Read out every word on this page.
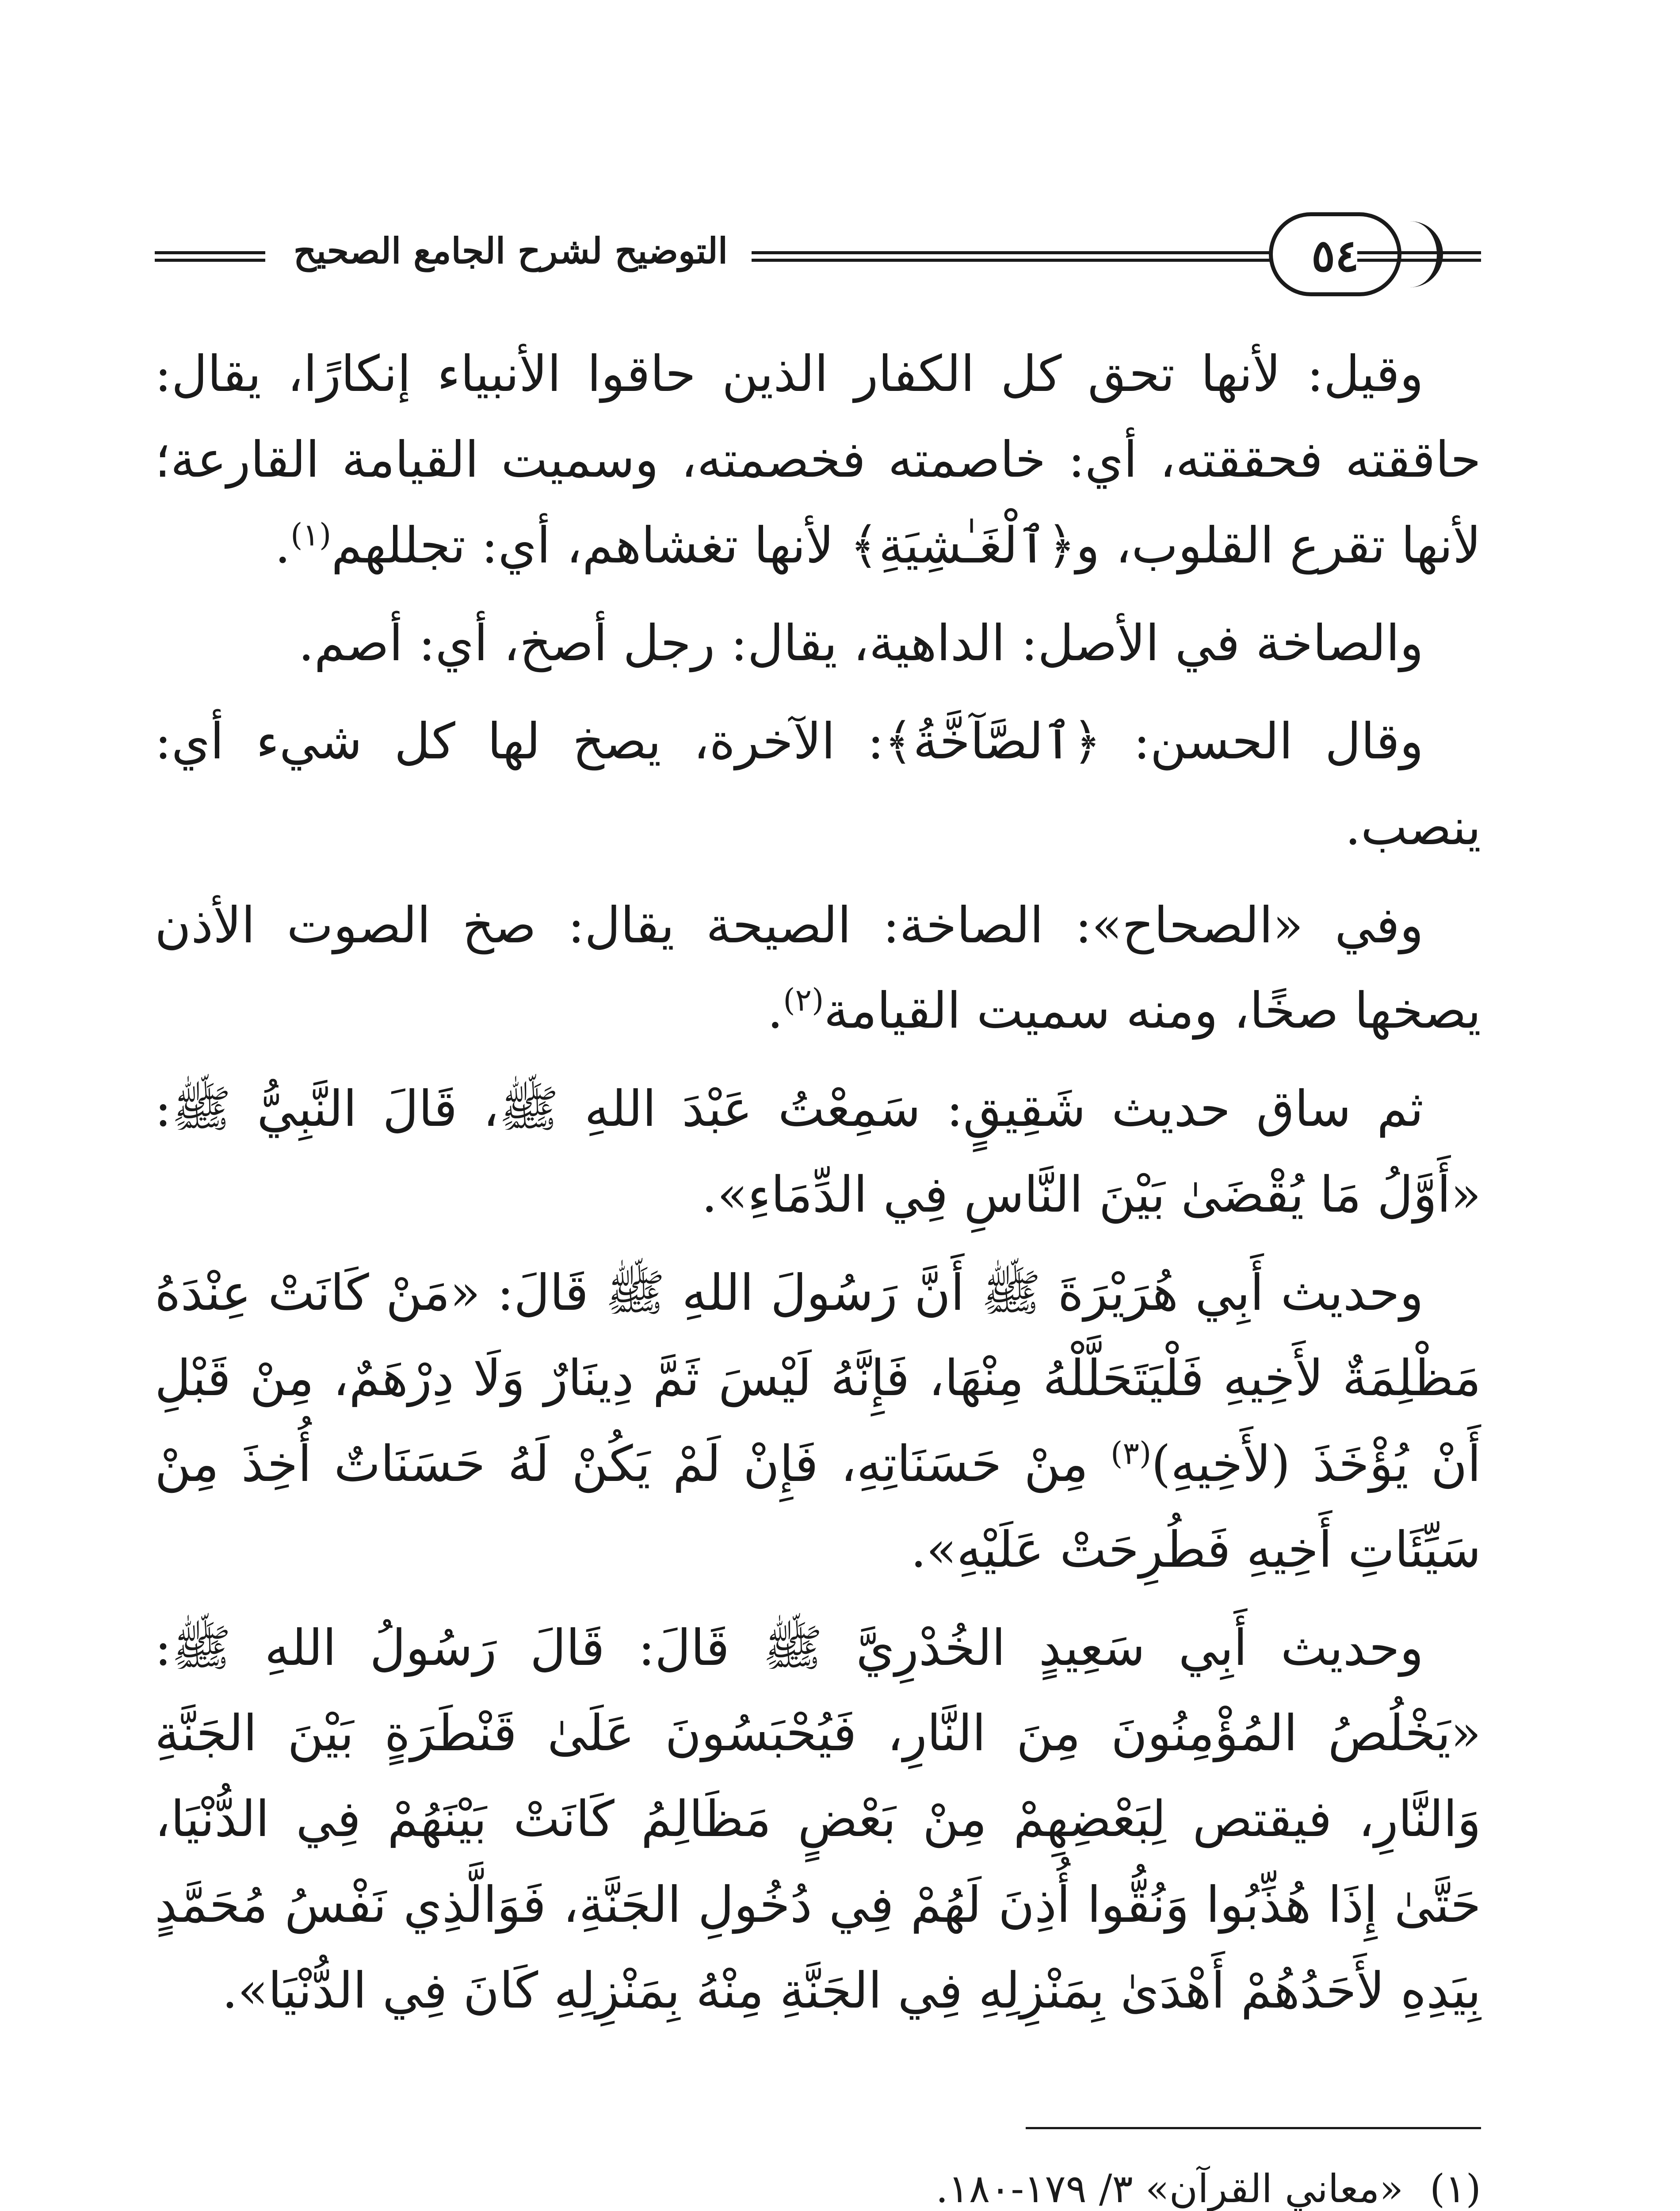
التوضيح لشرح الجامع الصحيح	٥٤

وقيل: لأنها تحق كل الكفار الذين حاقوا الأنبياء إنكارًا، يقال: حاققته فحققته، أي: خاصمته فخصمته، وسميت القيامة القارعة؛ لأنها تقرع القلوب، و﴿ٱلْغَـٰشِيَةِ﴾ لأنها تغشاهم، أي: تجللهم$^{(١)}$.

والصاخة في الأصل: الداهية، يقال: رجل أصخ، أي: أصم.

وقال الحسن: ﴿ٱلصَّآخَّةُ﴾: الآخرة، يصخ لها كل شيء أي: ينصب.

وفي «الصحاح»: الصاخة: الصيحة يقال: صخ الصوت الأذن يصخها صخًا، ومنه سميت القيامة$^{(٢)}$.

ثم ساق حديث شَقِيقٍ: سَمِعْتُ عَبْدَ اللهِ ﷺ، قَالَ النَّبِيُّ ﷺ: «أَوَّلُ مَا يُقْضَىٰ بَيْنَ النَّاسِ فِي الدِّمَاءِ».

وحديث أَبِي هُرَيْرَةَ ﷺ أَنَّ رَسُولَ اللهِ ﷺ قَالَ: «مَنْ كَانَتْ عِنْدَهُ مَظْلِمَةٌ لأَخِيهِ فَلْيَتَحَلَّلْهُ مِنْهَا، فَإِنَّهُ لَيْسَ ثَمَّ دِينَارٌ وَلَا دِرْهَمٌ، مِنْ قَبْلِ أَنْ يُؤْخَذَ (لأَخِيهِ)$^{(٣)}$ مِنْ حَسَنَاتِهِ، فَإِنْ لَمْ يَكُنْ لَهُ حَسَنَاتٌ أُخِذَ مِنْ سَيِّئَاتِ أَخِيهِ فَطُرِحَتْ عَلَيْهِ».

وحديث أَبِي سَعِيدٍ الخُدْرِيَّ ﷺ قَالَ: قَالَ رَسُولُ اللهِ ﷺ: «يَخْلُصُ المُؤْمِنُونَ مِنَ النَّارِ، فَيُحْبَسُونَ عَلَىٰ قَنْطَرَةٍ بَيْنَ الجَنَّةِ وَالنَّارِ، فيقتص لِبَعْضِهِمْ مِنْ بَعْضٍ مَظَالِمُ كَانَتْ بَيْنَهُمْ فِي الدُّنْيَا، حَتَّىٰ إِذَا هُذِّبُوا وَنُقُّوا أُذِنَ لَهُمْ فِي دُخُولِ الجَنَّةِ، فَوَالَّذِي نَفْسُ مُحَمَّدٍ بِيَدِهِ لأَحَدُهُمْ أَهْدَىٰ بِمَنْزِلِهِ فِي الجَنَّةِ مِنْهُ بِمَنْزِلِهِ كَانَ فِي الدُّنْيَا».

(١)«معاني القرآن» ٣/ ١٧٩-١٨٠.
